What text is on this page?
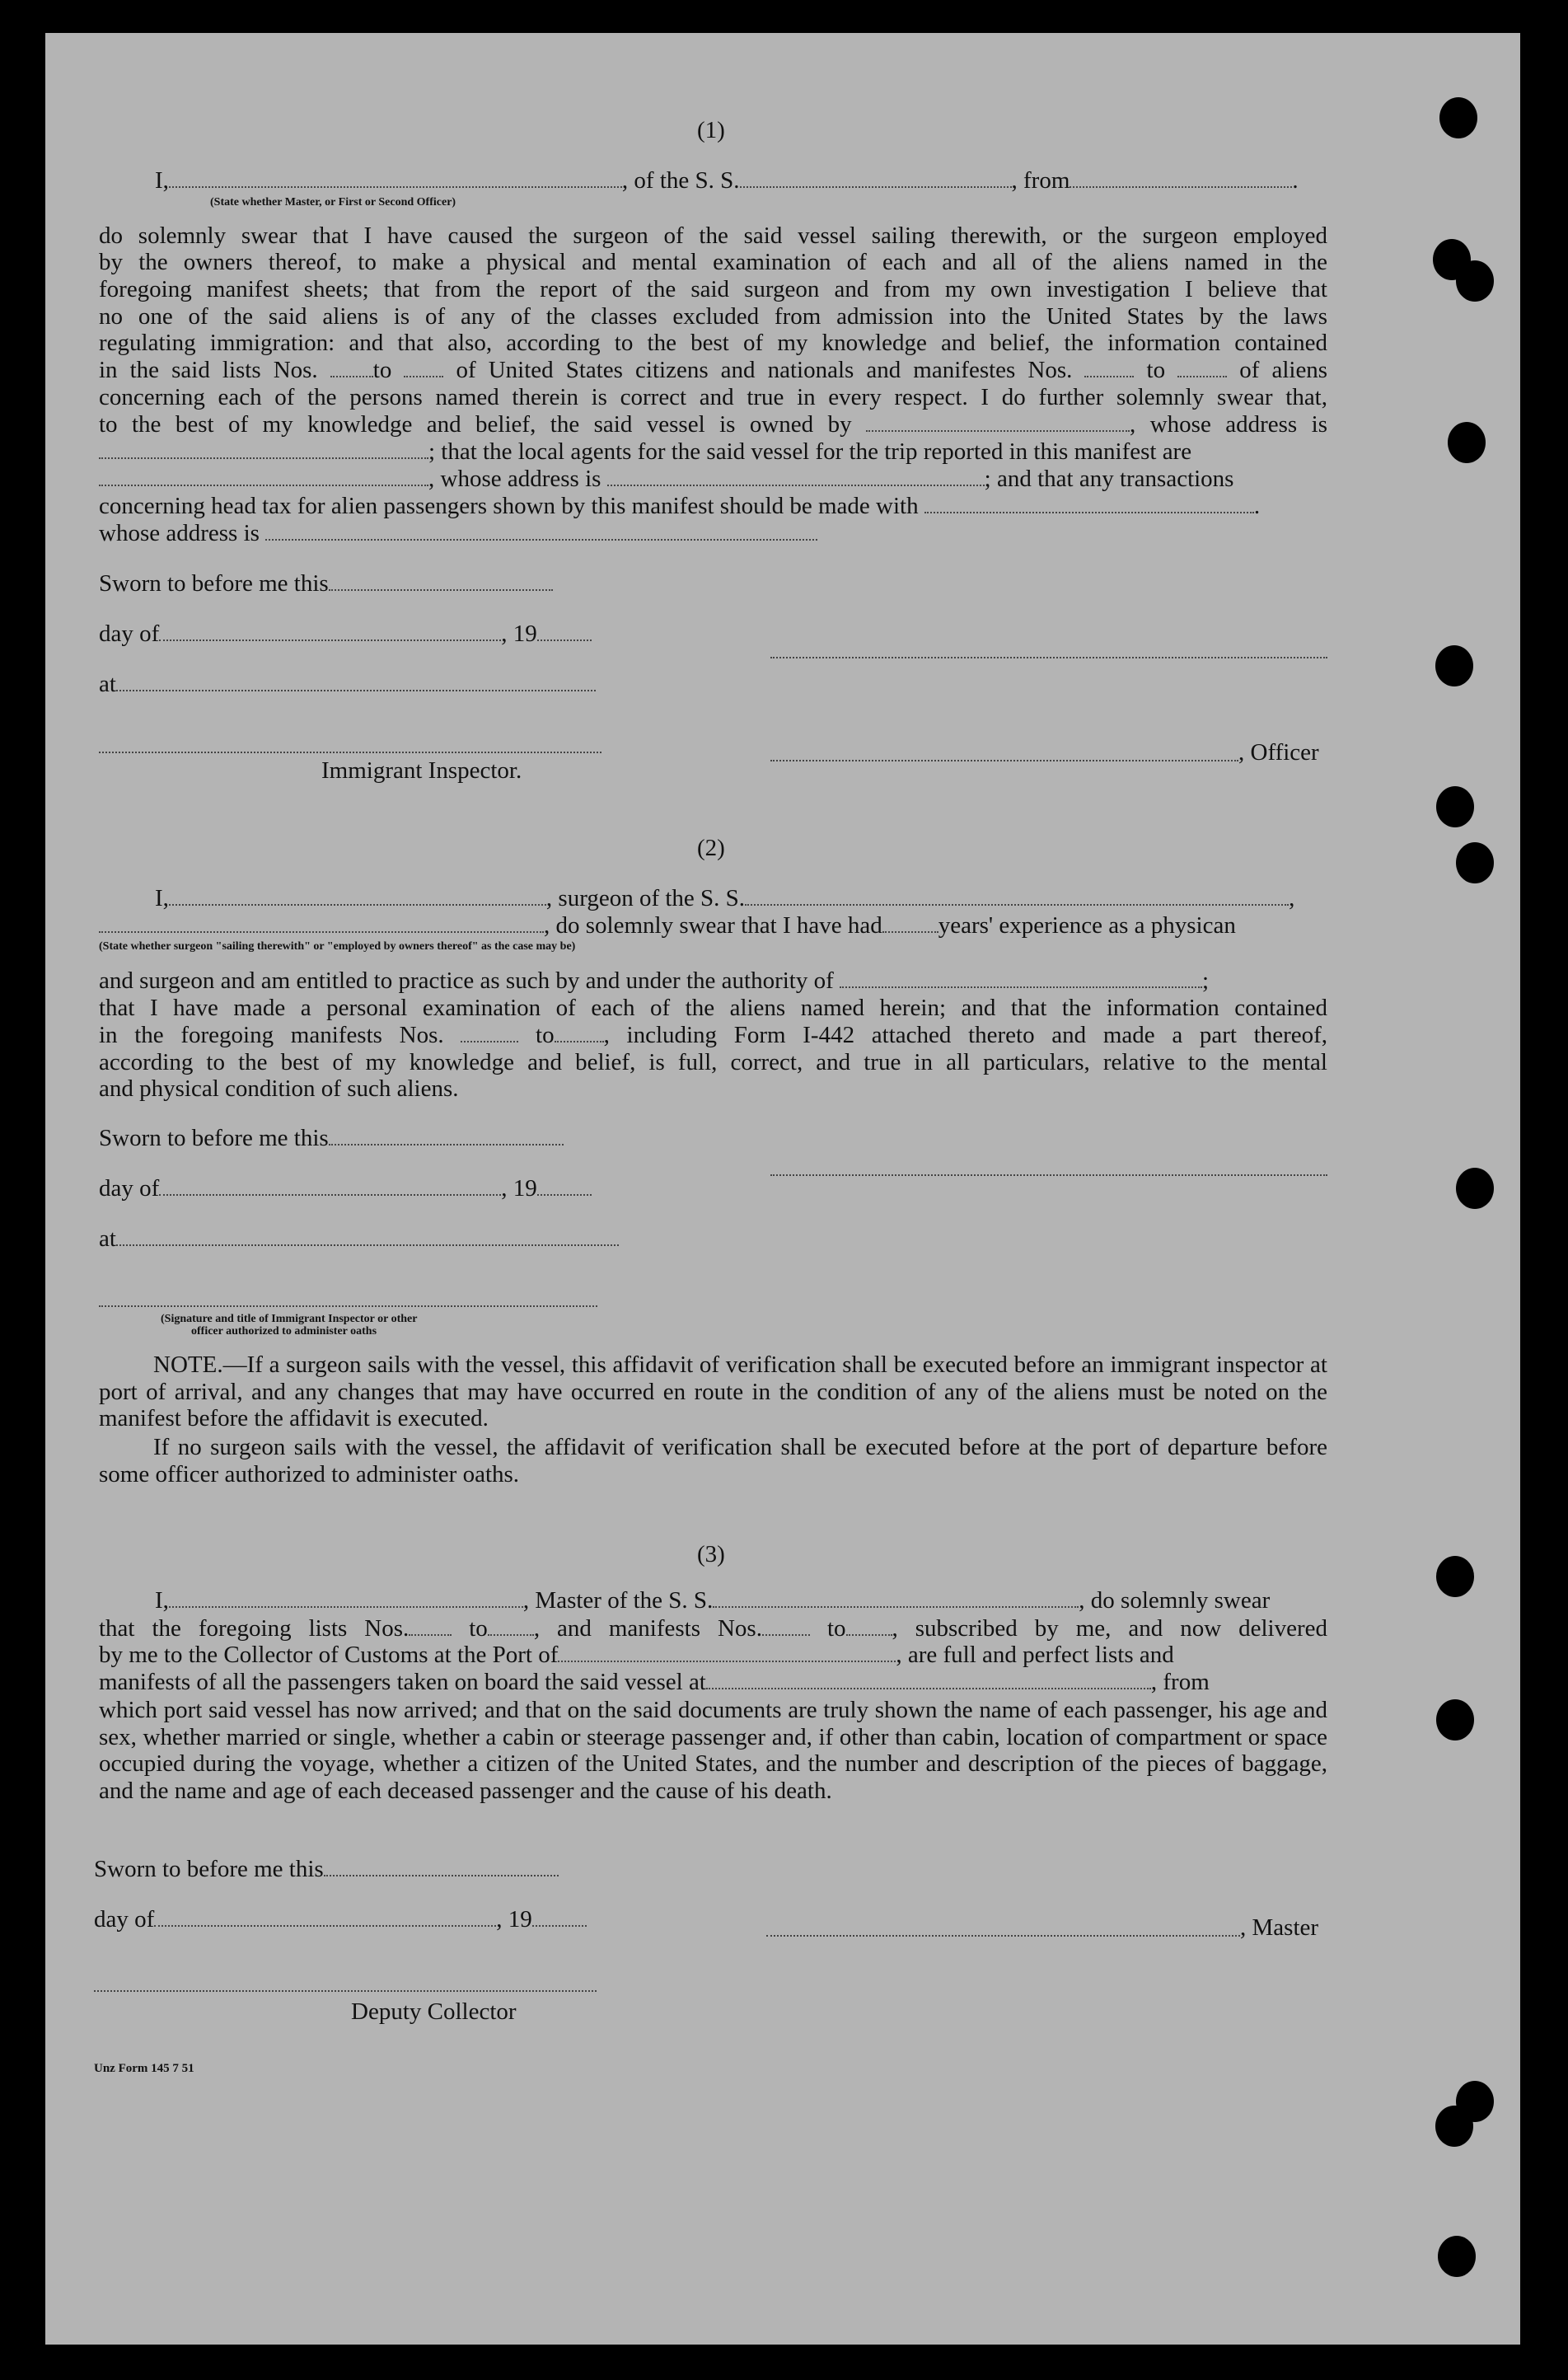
(1)
I,	, of the S. S.	, from	.
(State whether Master, or First or Second Officer)
do solemnly swear that I have caused the surgeon of the said vessel sailing therewith, or the surgeon employed
by the owners thereof, to make a physical and mental examination of each and all of the aliens named in the
foregoing manifest sheets; that from the report of the said surgeon and from my own investigation I believe that
no one of the said aliens is of any of the classes excluded from admission into the United States by the laws
regulating immigration: and that also, according to the best of my knowledge and belief, the information contained
in the said lists Nos. to	of United States citizens and nationals and manifestes Nos.	to	of aliens
concerning each of the persons named therein is correct and true in every respect. I do further solemnly swear that,
to the best of my knowledge and belief, the said vessel is owned by	, whose address is
; that the local agents for the said vessel for the trip reported in this manifest are
, whose address is	; and that any transactions
concerning head tax for alien passengers shown by this manifest should be made with	.
whose address is
Sworn to before me this
day of	, 19
at
, Officer
Immigrant Inspector.
(2)
I,	, surgeon of the S. S.	,
, do solemnly swear that I have had years' experience as a physican
(State whether surgeon "sailing therewith" or "employed by owners thereof" as the case may be)
and surgeon and am entitled to practice as such by and under the authority of	;
that I have made a personal examination of each of the aliens named herein; and that the information contained
in the foregoing manifests Nos.	to , including Form I-442 attached thereto and made a part thereof,
according to the best of my knowledge and belief, is full, correct, and true in all particulars, relative to the mental
and physical condition of such aliens.
Sworn to before me this
day of	, 19
at
(Signature and title of Immigrant Inspector or other
officer authorized to administer oaths
NOTE.—If a surgeon sails with the vessel, this affidavit of verification shall be executed before an immigrant inspector at port of arrival, and any changes that may have occurred en route in the condition of any of the aliens must be noted on the manifest before the affidavit is executed.
If no surgeon sails with the vessel, the affidavit of verification shall be executed before at the port of departure before some officer authorized to administer oaths.
(3)
I,	, Master of the S. S.	, do solemnly swear
that the foregoing lists Nos.	to , and manifests Nos.	to , subscribed by me, and now delivered
by me to the Collector of Customs at the Port of	, are full and perfect lists and
manifests of all the passengers taken on board the said vessel at	, from
which port said vessel has now arrived; and that on the said documents are truly shown the name of each passenger, his age and sex, whether married or single, whether a cabin or steerage passenger and, if other than cabin, location of compartment or space occupied during the voyage, whether a citizen of the United States, and the number and description of the pieces of baggage, and the name and age of each deceased passenger and the cause of his death.
Sworn to before me this
day of	, 19	, Master
Deputy Collector
Unz Form 145 7 51
